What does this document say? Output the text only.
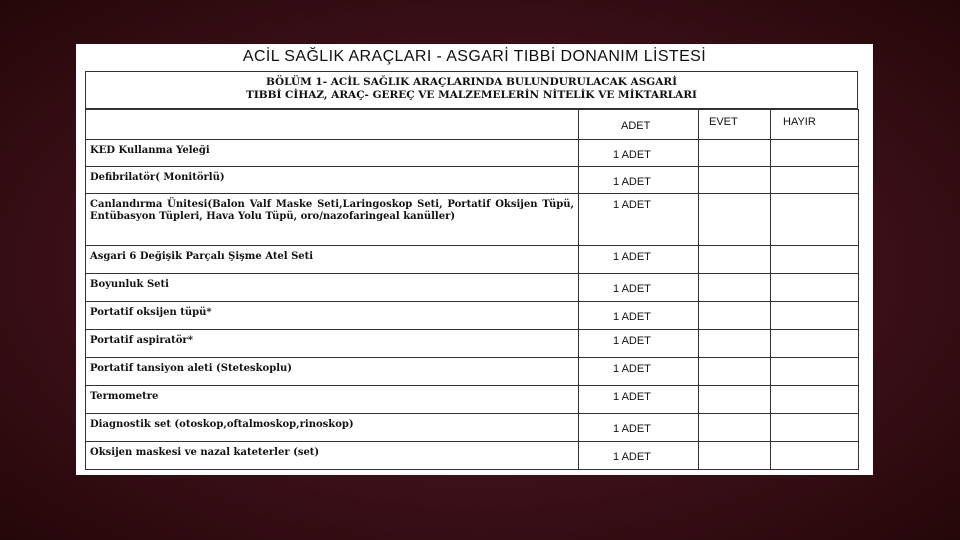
ACİL SAĞLIK ARAÇLARI - ASGARİ TIBBİ DONANIM LİSTESİ
BÖLÜM 1- ACİL SAĞLIK ARAÇLARINDA BULUNDURULACAK ASGARİ
TIBBİ CİHAZ, ARAÇ- GEREÇ VE MALZEMELERİN NİTELİK VE MİKTARLARI
	ADET	EVET	HAYIR
KED Kullanma Yeleği	1 ADET		
Defibrilatör( Monitörlü)	1 ADET		
Canlandırma Ünitesi(Balon Valf Maske Seti,Laringoskop Seti, Portatif Oksijen Tüpü, Entübasyon Tüpleri, Hava Yolu Tüpü, oro/nazofaringeal kanüller)	1 ADET		
Asgari 6 Değişik Parçalı Şişme Atel Seti	1 ADET		
Boyunluk Seti	1 ADET		
Portatif oksijen tüpü*	1 ADET		
Portatif aspiratör*	1 ADET		
Portatif tansiyon aleti (Steteskoplu)	1 ADET		
Termometre	1 ADET		
Diagnostik set (otoskop,oftalmoskop,rinoskop)	1 ADET		
Oksijen maskesi ve nazal kateterler (set)	1 ADET		
